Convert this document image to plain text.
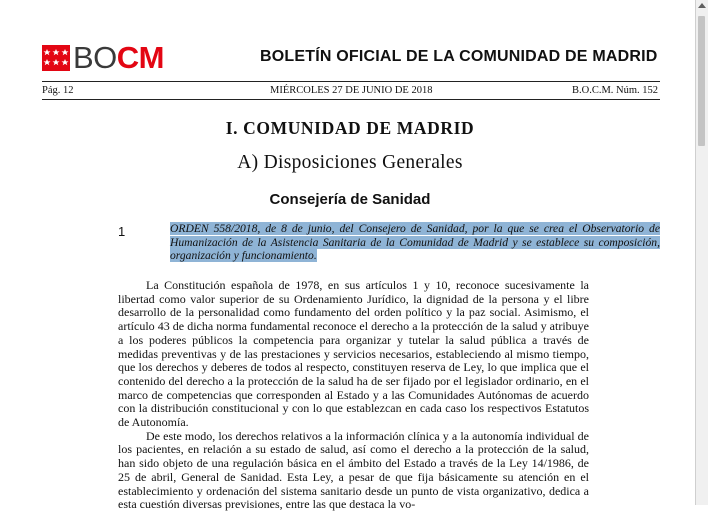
BOCM	BOLETÍN OFICIAL DE LA COMUNIDAD DE MADRID
Pág. 12	MIÉRCOLES 27 DE JUNIO DE 2018	B.O.C.M. Núm. 152
I. COMUNIDAD DE MADRID
A) Disposiciones Generales
Consejería de Sanidad
1	ORDEN 558/2018, de 8 de junio, del Consejero de Sanidad, por la que se crea el Observatorio de Humanización de la Asistencia Sanitaria de la Comunidad de Madrid y se establece su composición, organización y funcionamiento.

La Constitución española de 1978, en sus artículos 1 y 10, reconoce sucesivamente la libertad como valor superior de su Ordenamiento Jurídico, la dignidad de la persona y el libre desarrollo de la personalidad como fundamento del orden político y la paz social. Asimismo, el artículo 43 de dicha norma fundamental reconoce el derecho a la protección de la salud y atribuye a los poderes públicos la competencia para organizar y tutelar la salud pública a través de medidas preventivas y de las prestaciones y servicios necesarios, estableciendo al mismo tiempo, que los derechos y deberes de todos al respecto, constituyen reserva de Ley, lo que implica que el contenido del derecho a la protección de la salud ha de ser fijado por el legislador ordinario, en el marco de competencias que corresponden al Estado y a las Comunidades Autónomas de acuerdo con la distribución constitucional y con lo que establezcan en cada caso los respectivos Estatutos de Autonomía.

De este modo, los derechos relativos a la información clínica y a la autonomía individual de los pacientes, en relación a su estado de salud, así como el derecho a la protección de la salud, han sido objeto de una regulación básica en el ámbito del Estado a través de la Ley 14/1986, de 25 de abril, General de Sanidad. Esta Ley, a pesar de que fija básicamente su atención en el establecimiento y ordenación del sistema sanitario desde un punto de vista organizativo, dedica a esta cuestión diversas previsiones, entre las que destaca la vo-
